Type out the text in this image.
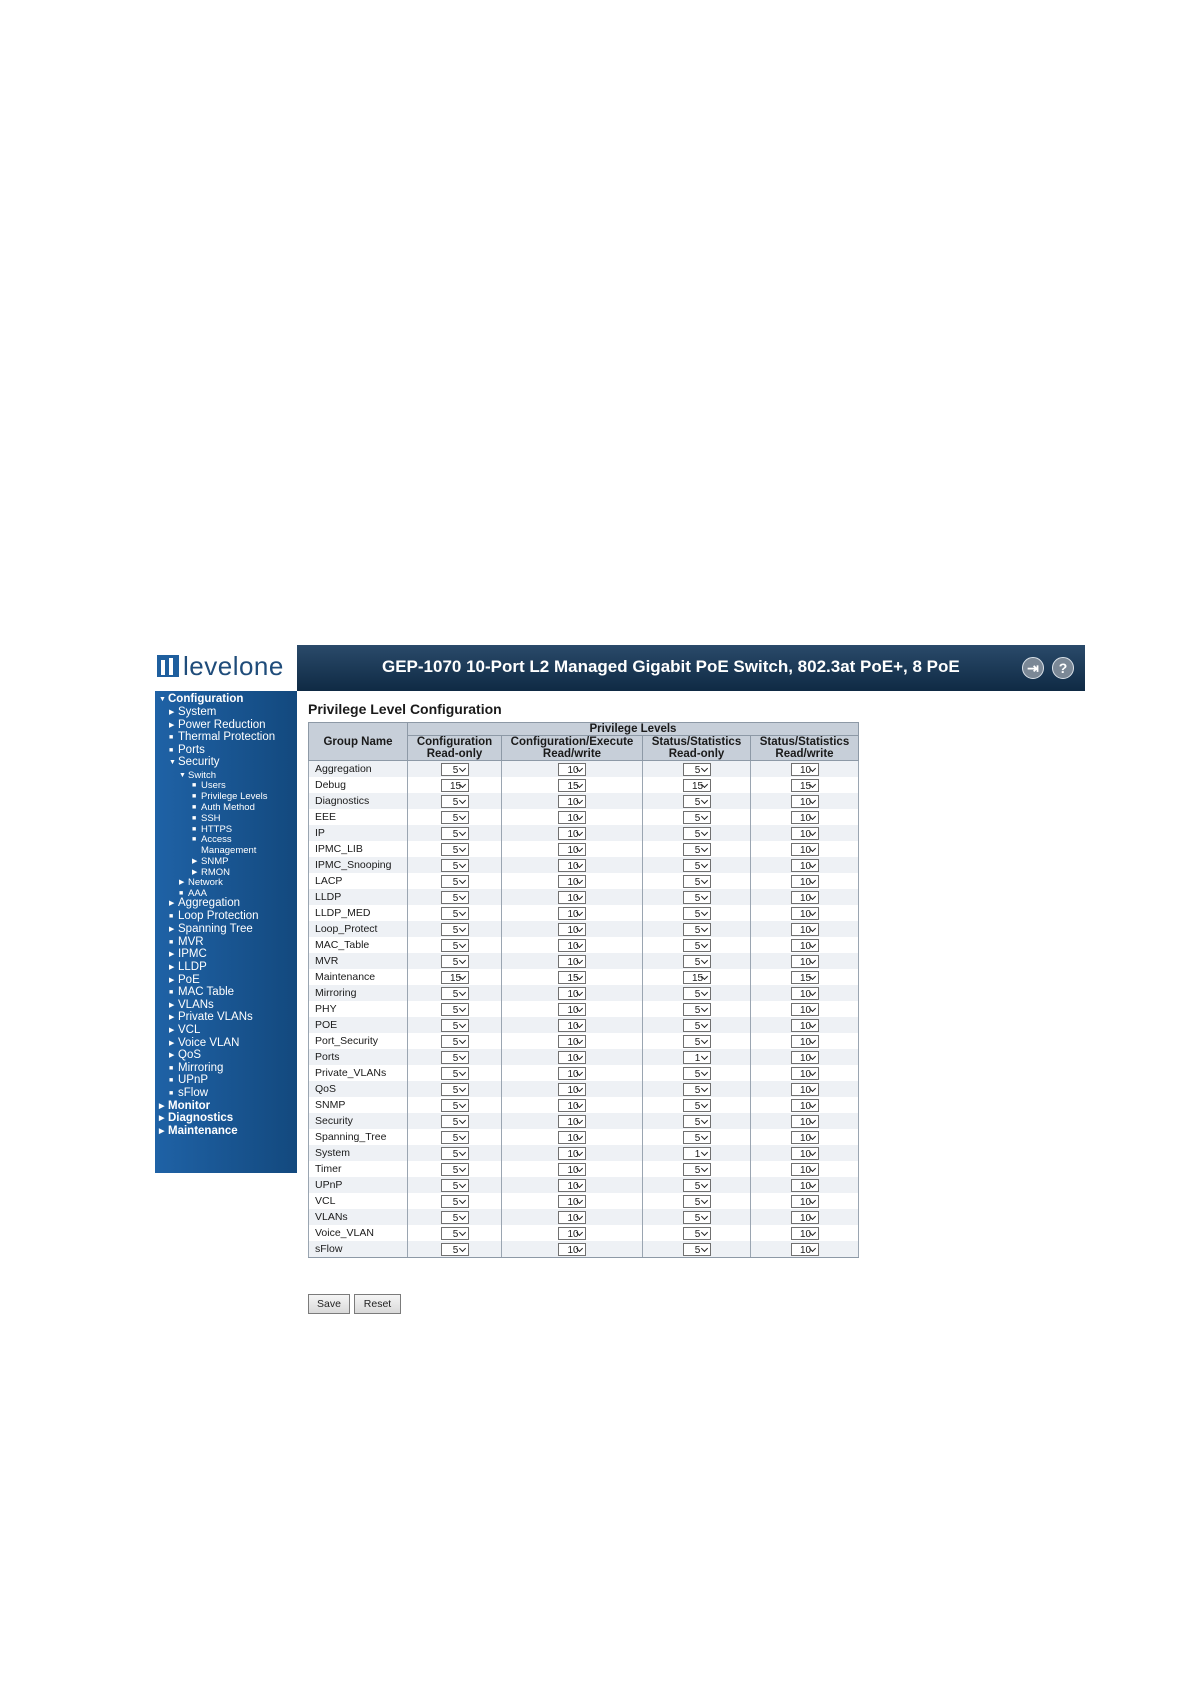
levelone	GEP-1070 10-Port L2 Managed Gigabit PoE Switch, 802.3at PoE+, 8 PoE	⇥	?
▼ Configuration
▶ System
▶ Power Reduction
■ Thermal Protection
■ Ports
▼ Security
▼ Switch
■ Users
■ Privilege Levels
■ Auth Method
■ SSH
■ HTTPS
■ Access
Management
▶ SNMP
▶ RMON
▶ Network
■ AAA
▶ Aggregation
■ Loop Protection
▶ Spanning Tree
■ MVR
▶ IPMC
▶ LLDP
▶ PoE
■ MAC Table
▶ VLANs
▶ Private VLANs
▶ VCL
▶ Voice VLAN
▶ QoS
■ Mirroring
■ UPnP
■ sFlow
▶ Monitor
▶ Diagnostics
▶ Maintenance
Privilege Level Configuration
Group Name	Privilege Levels			
	Configuration
Read-only	Configuration/Execute
Read/write	Status/Statistics
Read-only	Status/Statistics
Read/write
Aggregation	5	10	5	10
Debug	15	15	15	15
Diagnostics	5	10	5	10
EEE	5	10	5	10
IP	5	10	5	10
IPMC_LIB	5	10	5	10
IPMC_Snooping	5	10	5	10
LACP	5	10	5	10
LLDP	5	10	5	10
LLDP_MED	5	10	5	10
Loop_Protect	5	10	5	10
MAC_Table	5	10	5	10
MVR	5	10	5	10
Maintenance	15	15	15	15
Mirroring	5	10	5	10
PHY	5	10	5	10
POE	5	10	5	10
Port_Security	5	10	5	10
Ports	5	10	1	10
Private_VLANs	5	10	5	10
QoS	5	10	5	10
SNMP	5	10	5	10
Security	5	10	5	10
Spanning_Tree	5	10	5	10
System	5	10	1	10
Timer	5	10	5	10
UPnP	5	10	5	10
VCL	5	10	5	10
VLANs	5	10	5	10
Voice_VLAN	5	10	5	10
sFlow	5	10	5	10
Save	Reset
